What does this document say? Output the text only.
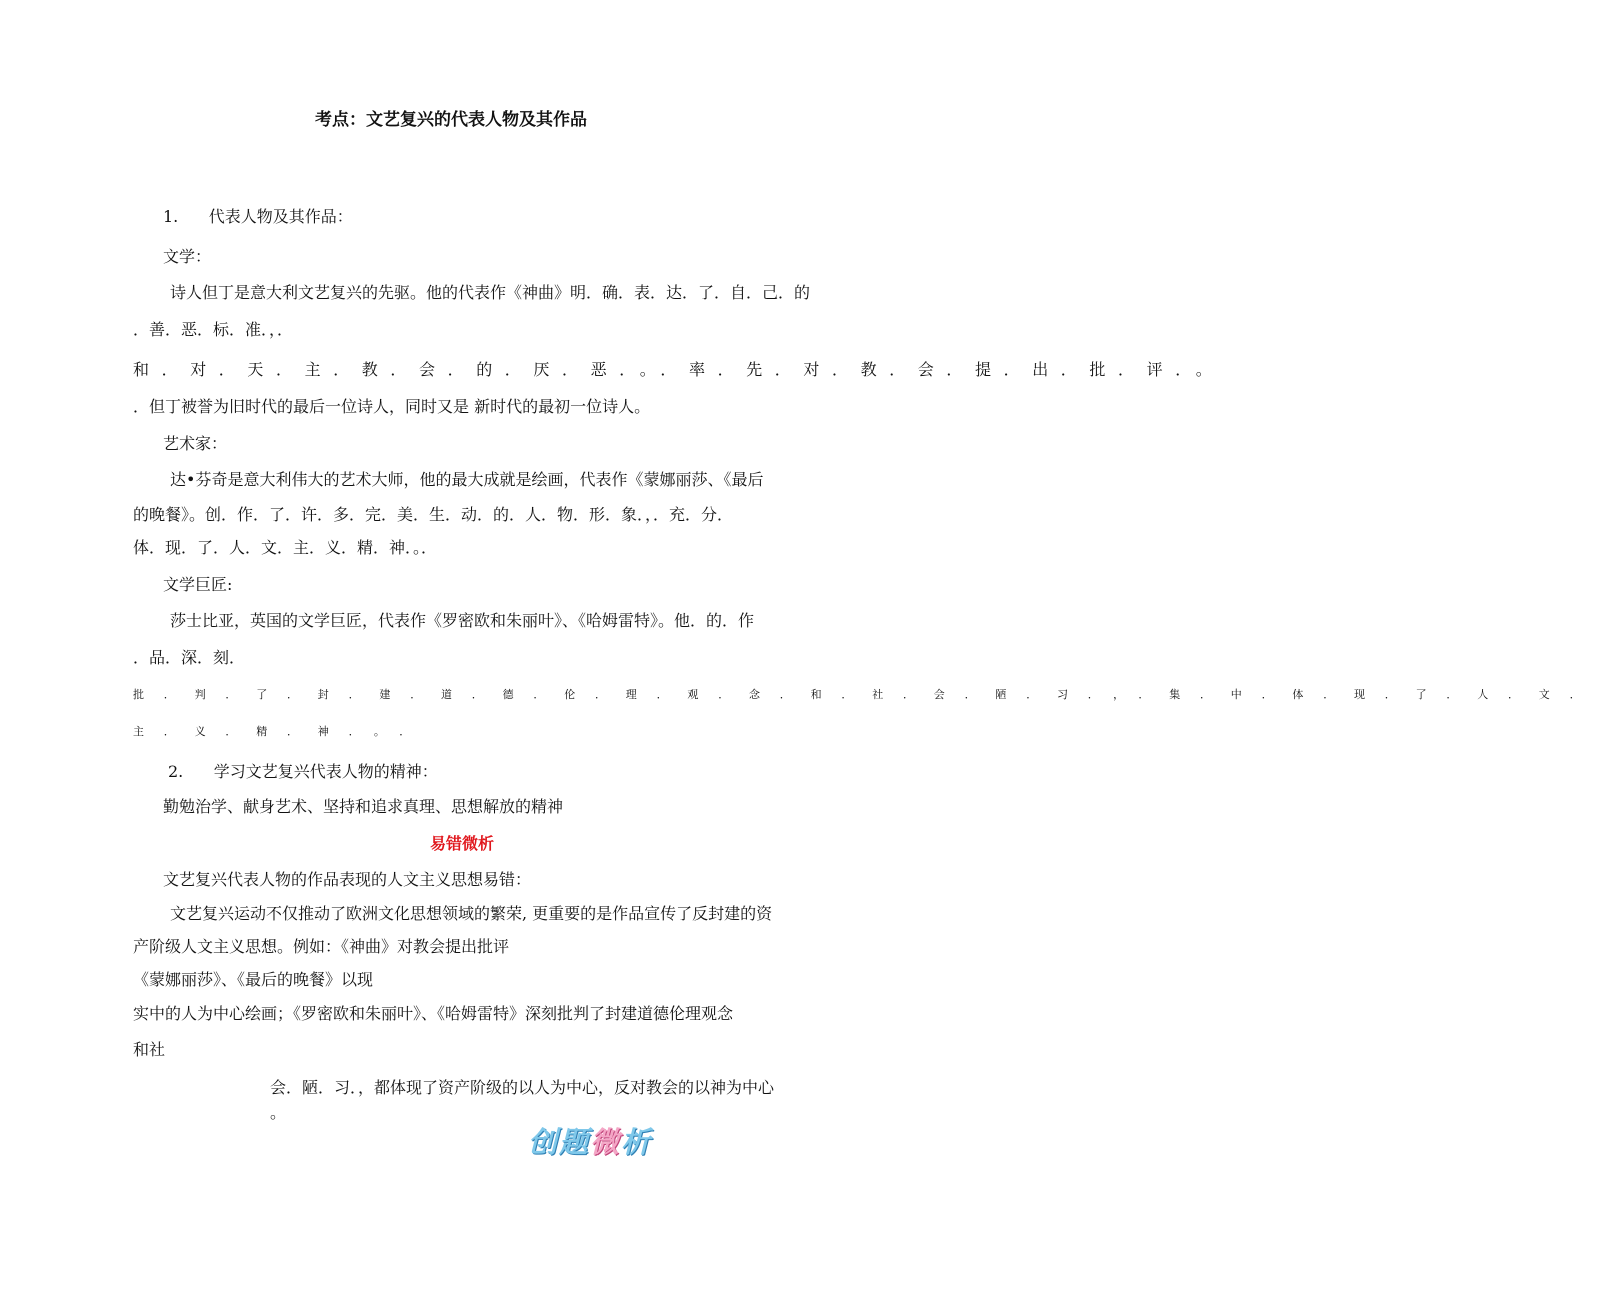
考点：文艺复兴的代表人物及其作品
1.      代表人物及其作品：
文学：
诗人但丁是意大利文艺复兴的先驱。他的代表作《神曲》明．确．表．达．了．自．己．的
．善．恶．标．准．，．
和．对．天．主．教．会．的．厌．恶．。．率．先．对．教．会．提．出．批．评．。
．但丁被誉为旧时代的最后一位诗人，同时又是 新时代的最初一位诗人。
艺术家：
达•芬奇是意大利伟大的艺术大师，他的最大成就是绘画，代表作《蒙娜丽莎、《最后
的晚餐》。创．作．了．许．多．完．美．生．动．的．人．物．形．象．，．充．分．
体．现．了．人．文．主．义．精．神．。．
文学巨匠:
莎士比亚，英国的文学巨匠，代表作《罗密欧和朱丽叶》、《哈姆雷特》。他．的．作
．品．深．刻．
批．判．了．封．建．道．德．伦．理．观．念．和．社．会．陋．习．，．集．中．体．现．了．人．文．
主．义．精．神．。．
2.      学习文艺复兴代表人物的精神：
勤勉治学、献身艺术、坚持和追求真理、思想解放的精神
易错微析
文艺复兴代表人物的作品表现的人文主义思想易错：
文艺复兴运动不仅推动了欧洲文化思想领域的繁荣, 更重要的是作品宣传了反封建的资
产阶级人文主义思想。例如：《神曲》对教会提出批评
《蒙娜丽莎》、《最后的晚餐》以现
实中的人为中心绘画；《罗密欧和朱丽叶》、《哈姆雷特》深刻批判了封建道德伦理观念
和社
会．陋．习．，都体现了资产阶级的以人为中心，反对教会的以神为中心
。
创题 微 析
